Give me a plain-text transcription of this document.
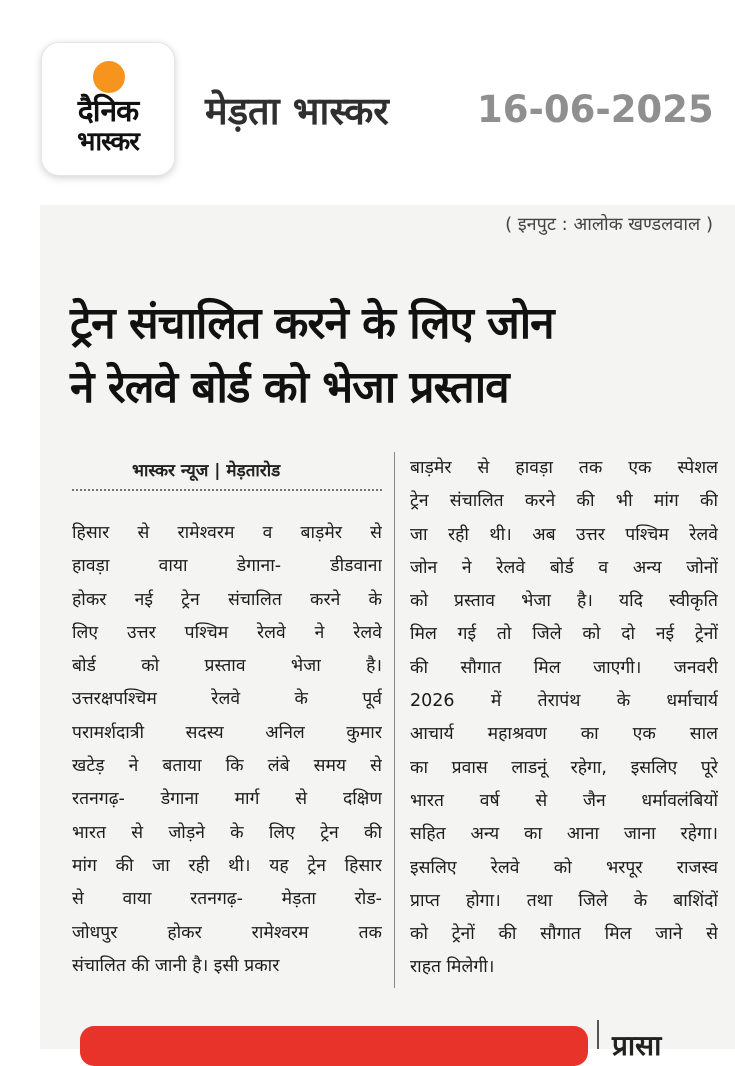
दैनिक
भास्कर
मेड़ता भास्कर 16-06-2025
( इनपुट : आलोक खण्डलवाल )
ट्रेन संचालित करने के लिए जोन
ने रेलवे बोर्ड को भेजा प्रस्ताव
भास्कर न्यूज | मेड़तारोड
हिसार से रामेश्वरम व बाड़मेर से
हावड़ा वाया डेगाना- डीडवाना
होकर नई ट्रेन संचालित करने के
लिए उत्तर पश्चिम रेलवे ने रेलवे
बोर्ड को प्रस्ताव भेजा है।
उत्तरक्षपश्चिम रेलवे के पूर्व
परामर्शदात्री सदस्य अनिल कुमार
खटेड़ ने बताया कि लंबे समय से
रतनगढ़- डेगाना मार्ग से दक्षिण
भारत से जोड़ने के लिए ट्रेन की
मांग की जा रही थी। यह ट्रेन हिसार
से वाया रतनगढ़- मेड़ता रोड-
जोधपुर होकर रामेश्वरम तक
संचालित की जानी है। इसी प्रकार
बाड़मेर से हावड़ा तक एक स्पेशल
ट्रेन संचालित करने की भी मांग की
जा रही थी। अब उत्तर पश्चिम रेलवे
जोन ने रेलवे बोर्ड व अन्य जोनों
को प्रस्ताव भेजा है। यदि स्वीकृति
मिल गई तो जिले को दो नई ट्रेनों
की सौगात मिल जाएगी। जनवरी
2026 में तेरापंथ के धर्माचार्य
आचार्य महाश्रवण का एक साल
का प्रवास लाडनूं रहेगा, इसलिए पूरे
भारत वर्ष से जैन धर्मावलंबियों
सहित अन्य का आना जाना रहेगा।
इसलिए रेलवे को भरपूर राजस्व
प्राप्त होगा। तथा जिले के बाशिंदों
को ट्रेनों की सौगात मिल जाने से
राहत मिलेगी।
प्रासा
